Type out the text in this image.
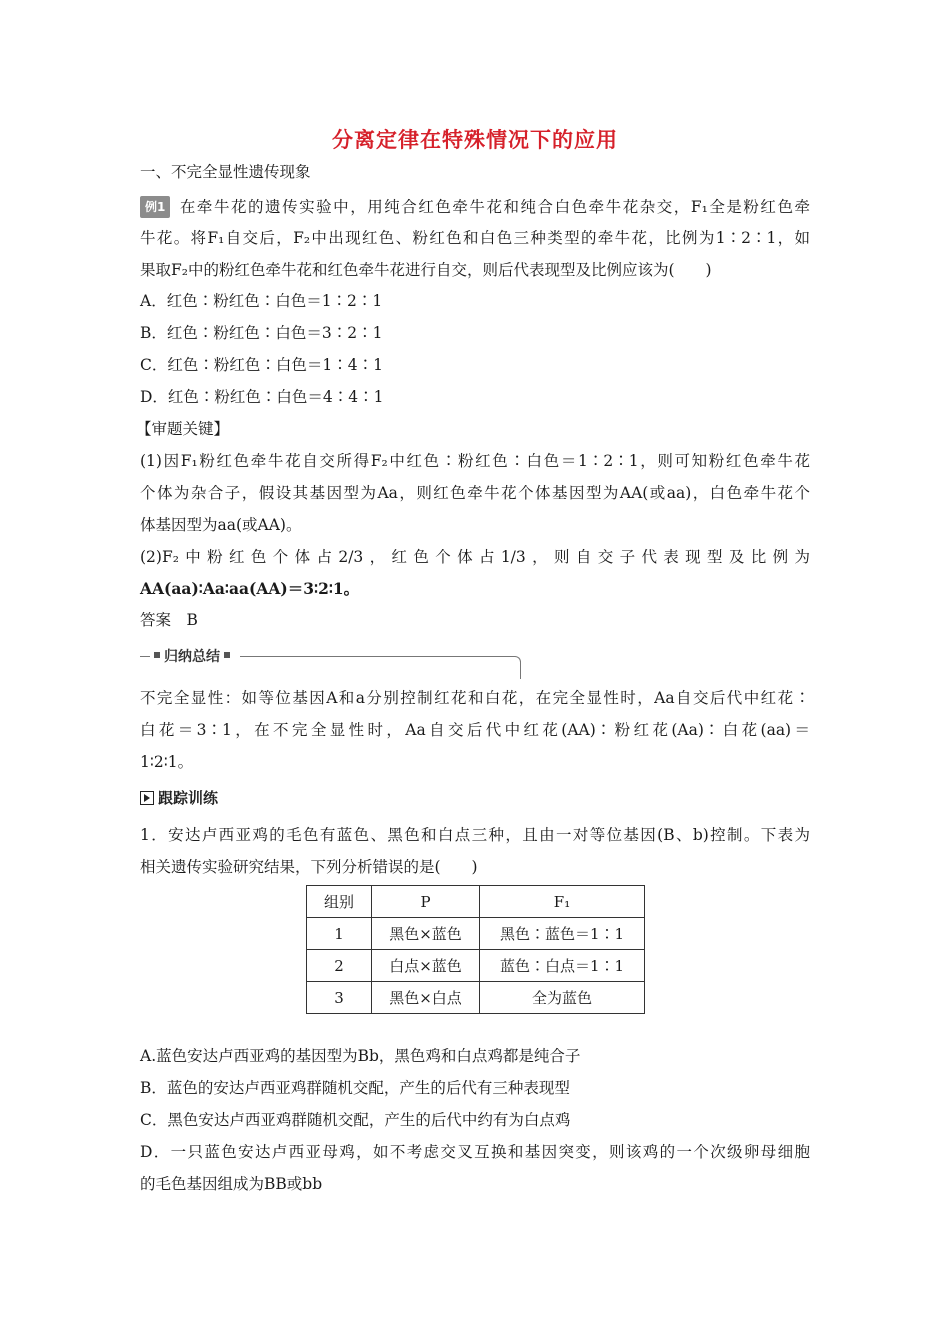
分离定律在特殊情况下的应用
一、不完全显性遗传现象
例1 在牵牛花的遗传实验中，用纯合红色牵牛花和纯合白色牵牛花杂交，F₁全是粉红色牵
牛花。将F₁自交后，F₂中出现红色、粉红色和白色三种类型的牵牛花，比例为1∶2∶1，如
果取F₂中的粉红色牵牛花和红色牵牛花进行自交，则后代表现型及比例应该为(　　)
A．红色∶粉红色∶白色＝1∶2∶1
B．红色∶粉红色∶白色＝3∶2∶1
C．红色∶粉红色∶白色＝1∶4∶1
D．红色∶粉红色∶白色＝4∶4∶1
【审题关键】
(1)因F₁粉红色牵牛花自交所得F₂中红色∶粉红色∶白色＝1∶2∶1，则可知粉红色牵牛花
个体为杂合子，假设其基因型为Aa，则红色牵牛花个体基因型为AA(或aa)，白色牵牛花个
体基因型为aa(或AA)。
(2)F₂中粉红色个体占2/3，红色个体占1/3，则自交子代表现型及比例为
AA(aa)∶Aa∶aa(AA)＝3∶2∶1。
答案　B
归纳总结
不完全显性：如等位基因A和a分别控制红花和白花，在完全显性时，Aa自交后代中红花∶
白花＝3∶1，在不完全显性时，Aa自交后代中红花(AA)∶粉红花(Aa)∶白花(aa)＝
1∶2∶1。
跟踪训练
1．安达卢西亚鸡的毛色有蓝色、黑色和白点三种，且由一对等位基因(B、b)控制。下表为
相关遗传实验研究结果，下列分析错误的是(　　)
组别	P	F₁
1	黑色×蓝色	黑色∶蓝色＝1∶1
2	白点×蓝色	蓝色∶白点＝1∶1
3	黑色×白点	全为蓝色
A.蓝色安达卢西亚鸡的基因型为Bb，黑色鸡和白点鸡都是纯合子
B．蓝色的安达卢西亚鸡群随机交配，产生的后代有三种表现型
C．黑色安达卢西亚鸡群随机交配，产生的后代中约有为白点鸡
D．一只蓝色安达卢西亚母鸡，如不考虑交叉互换和基因突变，则该鸡的一个次级卵母细胞
的毛色基因组成为BB或bb
